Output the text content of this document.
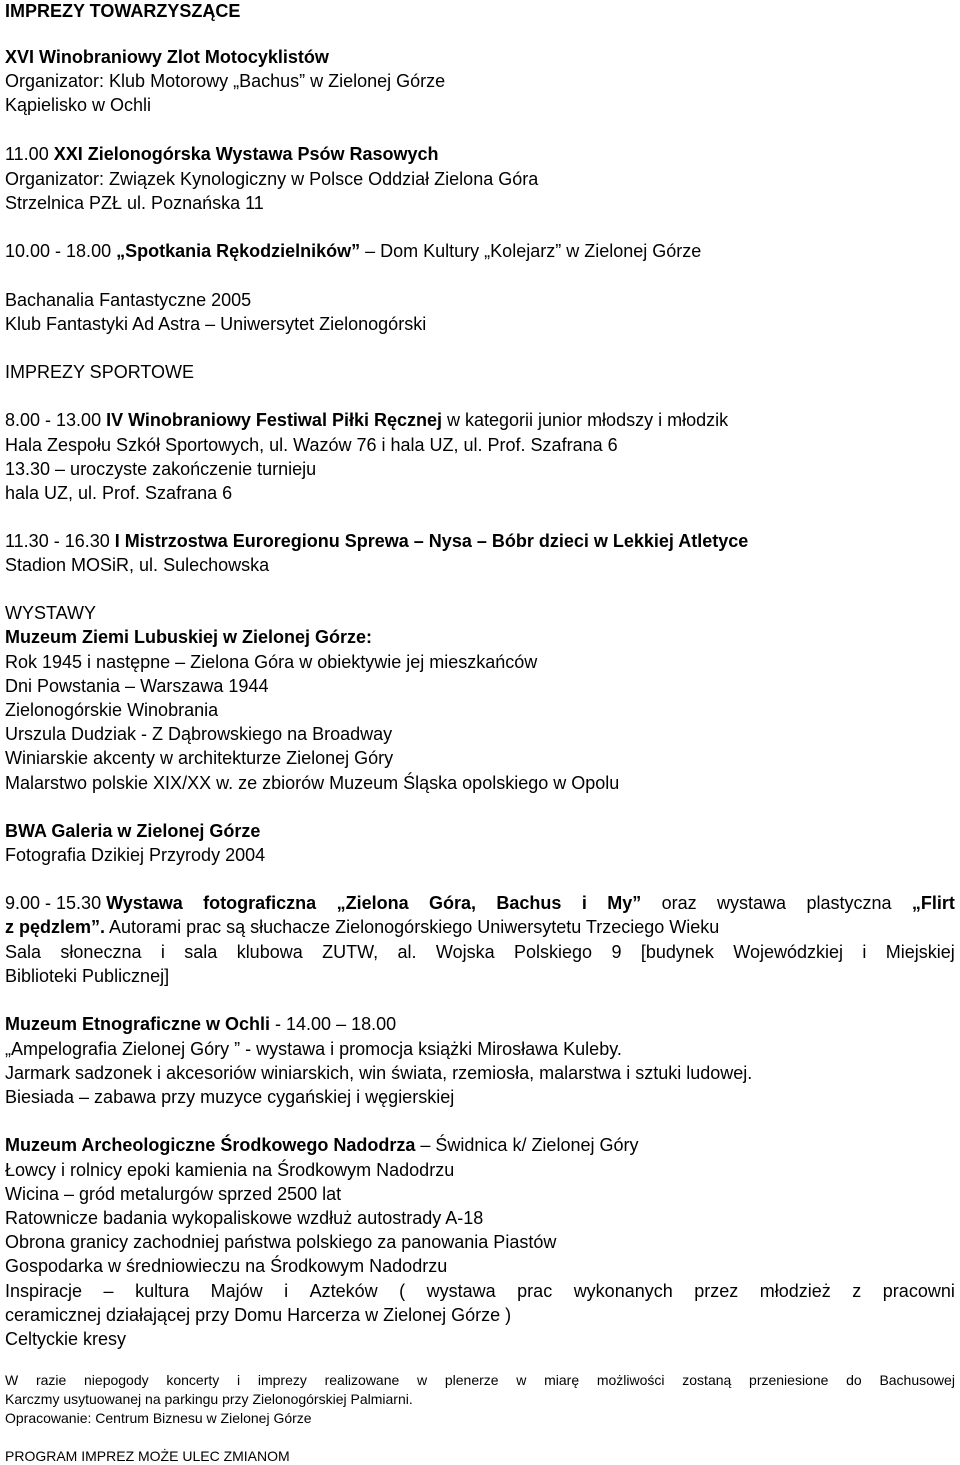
IMPREZY TOWARZYSZĄCE

XVI Winobraniowy Zlot Motocyklistów

Organizator: Klub Motorowy „Bachus” w Zielonej Górze

Kąpielisko w Ochli

11.00 XXI Zielonogórska Wystawa Psów Rasowych

Organizator: Związek Kynologiczny w Polsce Oddział Zielona Góra

Strzelnica PZŁ ul. Poznańska 11

10.00 - 18.00 „Spotkania Rękodzielników” – Dom Kultury „Kolejarz” w Zielonej Górze

Bachanalia Fantastyczne 2005

Klub Fantastyki Ad Astra – Uniwersytet Zielonogórski

IMPREZY SPORTOWE

8.00 - 13.00 IV Winobraniowy Festiwal Piłki Ręcznej w kategorii junior młodszy i młodzik

Hala Zespołu Szkół Sportowych, ul. Wazów 76 i hala UZ, ul. Prof. Szafrana 6

13.30 – uroczyste zakończenie turnieju

hala UZ, ul. Prof. Szafrana 6

11.30 - 16.30 I Mistrzostwa Euroregionu Sprewa – Nysa – Bóbr dzieci w Lekkiej Atletyce

Stadion MOSiR, ul. Sulechowska

WYSTAWY

Muzeum Ziemi Lubuskiej w Zielonej Górze:

Rok 1945 i następne – Zielona Góra w obiektywie jej mieszkańców

Dni Powstania – Warszawa 1944

Zielonogórskie Winobrania

Urszula Dudziak - Z Dąbrowskiego na Broadway

Winiarskie akcenty w architekturze Zielonej Góry

Malarstwo polskie XIX/XX w. ze zbiorów Muzeum Śląska opolskiego w Opolu

BWA Galeria w Zielonej Górze

Fotografia Dzikiej Przyrody 2004

9.00 - 15.30 Wystawa fotograficzna „Zielona Góra, Bachus i My” oraz wystawa plastyczna „Flirt

z pędzlem”. Autorami prac są słuchacze Zielonogórskiego Uniwersytetu Trzeciego Wieku

Sala słoneczna i sala klubowa ZUTW, al. Wojska Polskiego 9 [budynek Wojewódzkiej i Miejskiej

Biblioteki Publicznej]

Muzeum Etnograficzne w Ochli - 14.00 – 18.00

„Ampelografia Zielonej Góry ” - wystawa i promocja książki Mirosława Kuleby.

Jarmark sadzonek i akcesoriów winiarskich, win świata, rzemiosła, malarstwa i sztuki ludowej.

Biesiada – zabawa przy muzyce cygańskiej i węgierskiej

Muzeum Archeologiczne Środkowego Nadodrza – Świdnica k/ Zielonej Góry

Łowcy i rolnicy epoki kamienia na Środkowym Nadodrzu

Wicina – gród metalurgów sprzed 2500 lat

Ratownicze badania wykopaliskowe wzdłuż autostrady A-18

Obrona granicy zachodniej państwa polskiego za panowania Piastów

Gospodarka w średniowieczu na Środkowym Nadodrzu

Inspiracje – kultura Majów i Azteków ( wystawa prac wykonanych przez młodzież z pracowni

ceramicznej działającej przy Domu Harcerza w Zielonej Górze )

Celtyckie kresy

W razie niepogody koncerty i imprezy realizowane w plenerze w miarę możliwości zostaną przeniesione do Bachusowej

Karczmy usytuowanej na parkingu przy Zielonogórskiej Palmiarni.

Opracowanie: Centrum Biznesu w Zielonej Górze

PROGRAM IMPREZ MOŻE ULEC ZMIANOM
